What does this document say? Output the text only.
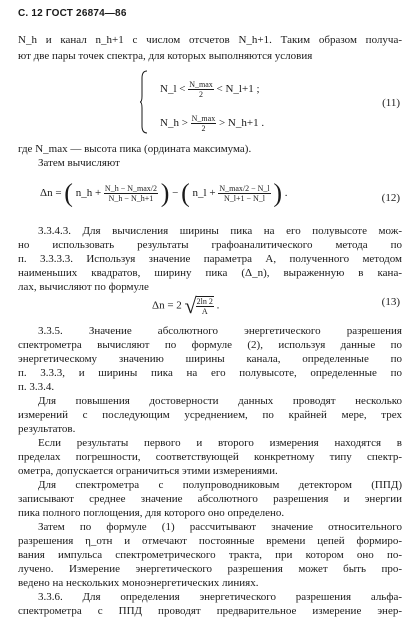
С. 12 ГОСТ 26874—86
N_h и канал n_h+1 с числом отсчетов N_h+1. Таким образом получа-
ют две пары точек спектра, для которых выполняются условия
N_l < $\frac{N\_\max}{2}$ < N_l+1 ;
N_h > $\frac{N\_\max}{2}$ > N_h+1 .
(11)
где N_max — высота пика (ордината максимума).
Затем вычисляют
Δn = ( n_h + $\frac{N\_h - N\_\max/2}{N\_h - N\_h+1}$ ) − ( n_l + $\frac{N\_\max/2 - N\_l}{N\_l+1 - N\_l}$ ) .	(12)
3.3.4.3. Для вычисления ширины пика на его полувысоте мож-
но использовать результаты графоаналитического метода по
п. 3.3.3.3. Используя значение параметра А, полученного методом
наименьших квадратов, ширину пика (Δ_n), выраженную в кана-
лах, вычисляют по формуле
Δn = 2 √ $\frac{2\ln 2}{A}$ .	(13)
3.3.5. Значение абсолютного энергетического разрешения
спектрометра вычисляют по формуле (2), используя данные по
энергетическому значению ширины канала, определенные по
п. 3.3.3, и ширины пика на его полувысоте, определенные по
п. 3.3.4.
Для повышения достоверности данных проводят несколько
измерений с последующим усреднением, по крайней мере, трех
результатов.
Если результаты первого и второго измерения находятся в
пределах погрешности, соответствующей конкретному типу спектр-
ометра, допускается ограничиться этими измерениями.
Для спектрометра с полупроводниковым детектором (ППД)
записывают среднее значение абсолютного разрешения и энергии
пика полного поглощения, для которого оно определено.
Затем по формуле (1) рассчитывают значение относительного
разрешения η_отн и отмечают постоянные времени цепей формиро-
вания импульса спектрометрического тракта, при котором оно по-
лучено. Измерение энергетического разрешения может быть про-
ведено на нескольких моноэнергетических линиях.
3.3.6. Для определения энергетического разрешения альфа-
спектрометра с ППД проводят предварительное измерение энер-
